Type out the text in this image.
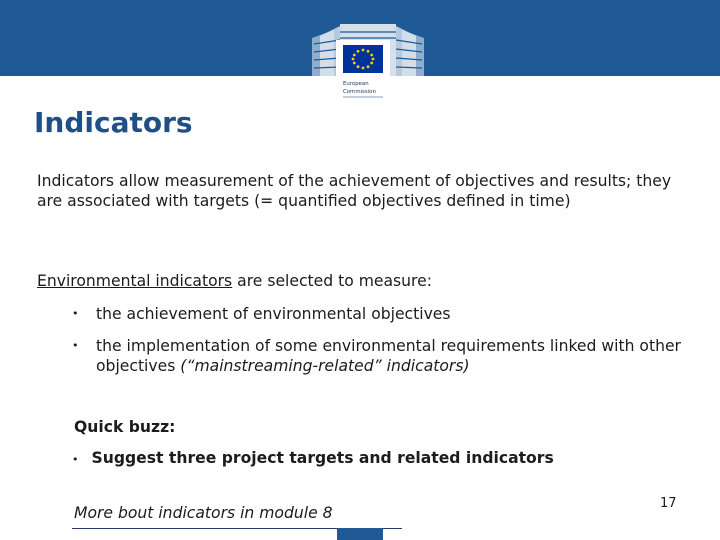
European
Commission
Indicators

Indicators allow measurement of the achievement of objectives and results; they are associated with targets (= quantified objectives defined in time)

Environmental indicators are selected to measure:

• the achievement of environmental objectives
• the implementation of some environmental requirements linked with other objectives (“mainstreaming-related” indicators)

Quick buzz:

• Suggest three project targets and related indicators

More bout indicators in module 8

17
